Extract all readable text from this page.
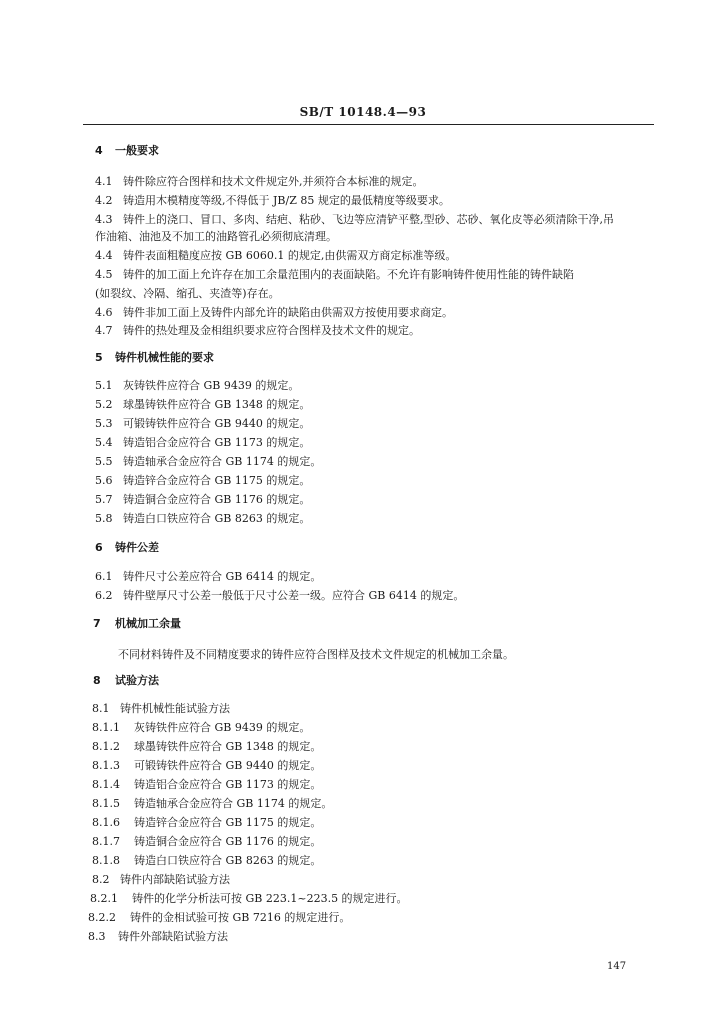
SB/T 10148.4—93
4 一般要求
4.1 铸件除应符合图样和技术文件规定外,并须符合本标准的规定。
4.2 铸造用木模精度等级,不得低于 JB/Z 85 规定的最低精度等级要求。
4.3 铸件上的浇口、冒口、多肉、结疤、粘砂、飞边等应清铲平整,型砂、芯砂、氧化皮等必须清除干净,吊
作油箱、油池及不加工的油路管孔必须彻底清理。
4.4 铸件表面粗糙度应按 GB 6060.1 的规定,由供需双方商定标准等级。
4.5 铸件的加工面上允许存在加工余量范围内的表面缺陷。不允许有影响铸件使用性能的铸件缺陷
(如裂纹、冷隔、缩孔、夹渣等)存在。
4.6 铸件非加工面上及铸件内部允许的缺陷由供需双方按使用要求商定。
4.7 铸件的热处理及金相组织要求应符合图样及技术文件的规定。
5 铸件机械性能的要求
5.1 灰铸铁件应符合 GB 9439 的规定。
5.2 球墨铸铁件应符合 GB 1348 的规定。
5.3 可锻铸铁件应符合 GB 9440 的规定。
5.4 铸造铝合金应符合 GB 1173 的规定。
5.5 铸造轴承合金应符合 GB 1174 的规定。
5.6 铸造锌合金应符合 GB 1175 的规定。
5.7 铸造铜合金应符合 GB 1176 的规定。
5.8 铸造白口铁应符合 GB 8263 的规定。
6 铸件公差
6.1 铸件尺寸公差应符合 GB 6414 的规定。
6.2 铸件壁厚尺寸公差一般低于尺寸公差一级。应符合 GB 6414 的规定。
7 机械加工余量
不同材料铸件及不同精度要求的铸件应符合图样及技术文件规定的机械加工余量。
8 试验方法
8.1 铸件机械性能试验方法
8.1.1 灰铸铁件应符合 GB 9439 的规定。
8.1.2 球墨铸铁件应符合 GB 1348 的规定。
8.1.3 可锻铸铁件应符合 GB 9440 的规定。
8.1.4 铸造铝合金应符合 GB 1173 的规定。
8.1.5 铸造轴承合金应符合 GB 1174 的规定。
8.1.6 铸造锌合金应符合 GB 1175 的规定。
8.1.7 铸造铜合金应符合 GB 1176 的规定。
8.1.8 铸造白口铁应符合 GB 8263 的规定。
8.2 铸件内部缺陷试验方法
8.2.1 铸件的化学分析法可按 GB 223.1~223.5 的规定进行。
8.2.2 铸件的金相试验可按 GB 7216 的规定进行。
8.3 铸件外部缺陷试验方法
147
